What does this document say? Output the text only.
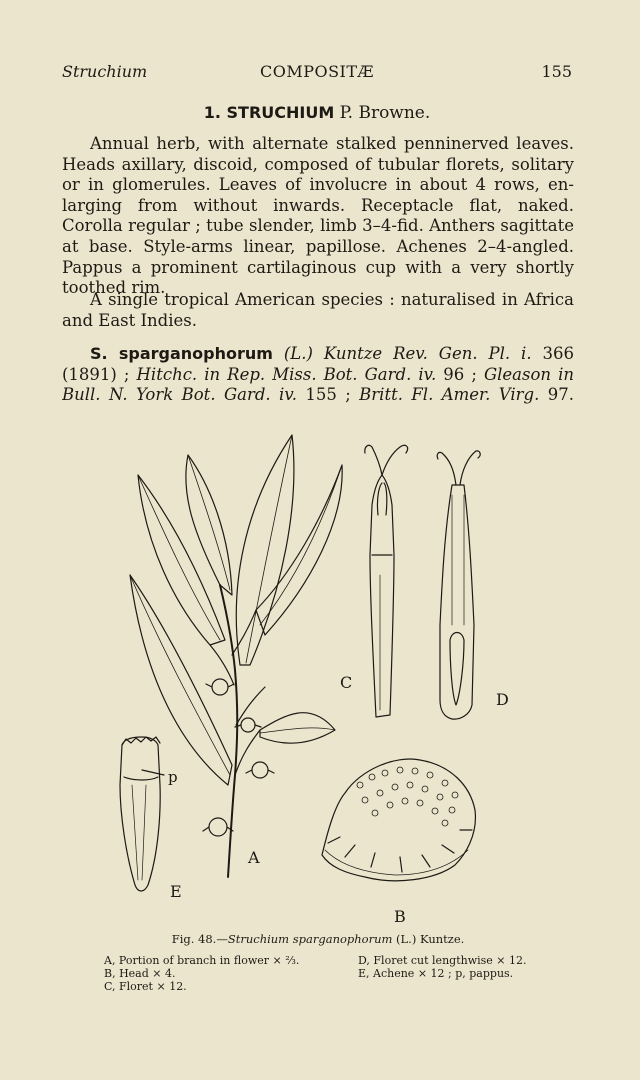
Struchium	COMPOSITÆ	155
1. STRUCHIUM P. Browne.
Annual herb, with alternate stalked penninerved leaves.
Heads axillary, discoid, composed of tubular florets, solitary
or in glomerules. Leaves of involucre in about 4 rows, en-
larging from without inwards. Receptacle flat, naked.
Corolla regular ; tube slender, limb 3–4-fid. Anthers sagittate
at base. Style-arms linear, papillose. Achenes 2–4-angled.
Pappus a prominent cartilaginous cup with a very shortly
toothed rim.
A single tropical American species : naturalised in Africa
and East Indies.
S. sparganophorum (L.) Kuntze Rev. Gen. Pl. i. 366
(1891) ; Hitchc. in Rep. Miss. Bot. Gard. iv. 96 ; Gleason in
Bull. N. York Bot. Gard. iv. 155 ; Britt. Fl. Amer. Virg. 97.
A
B
C
D
E
p
Fig. 48.—Struchium sparganophorum (L.) Kuntze.
A, Portion of branch in flower × ⅔.
B, Head × 4.
C, Floret × 12.
D, Floret cut lengthwise × 12.
E, Achene × 12 ; p, pappus.
